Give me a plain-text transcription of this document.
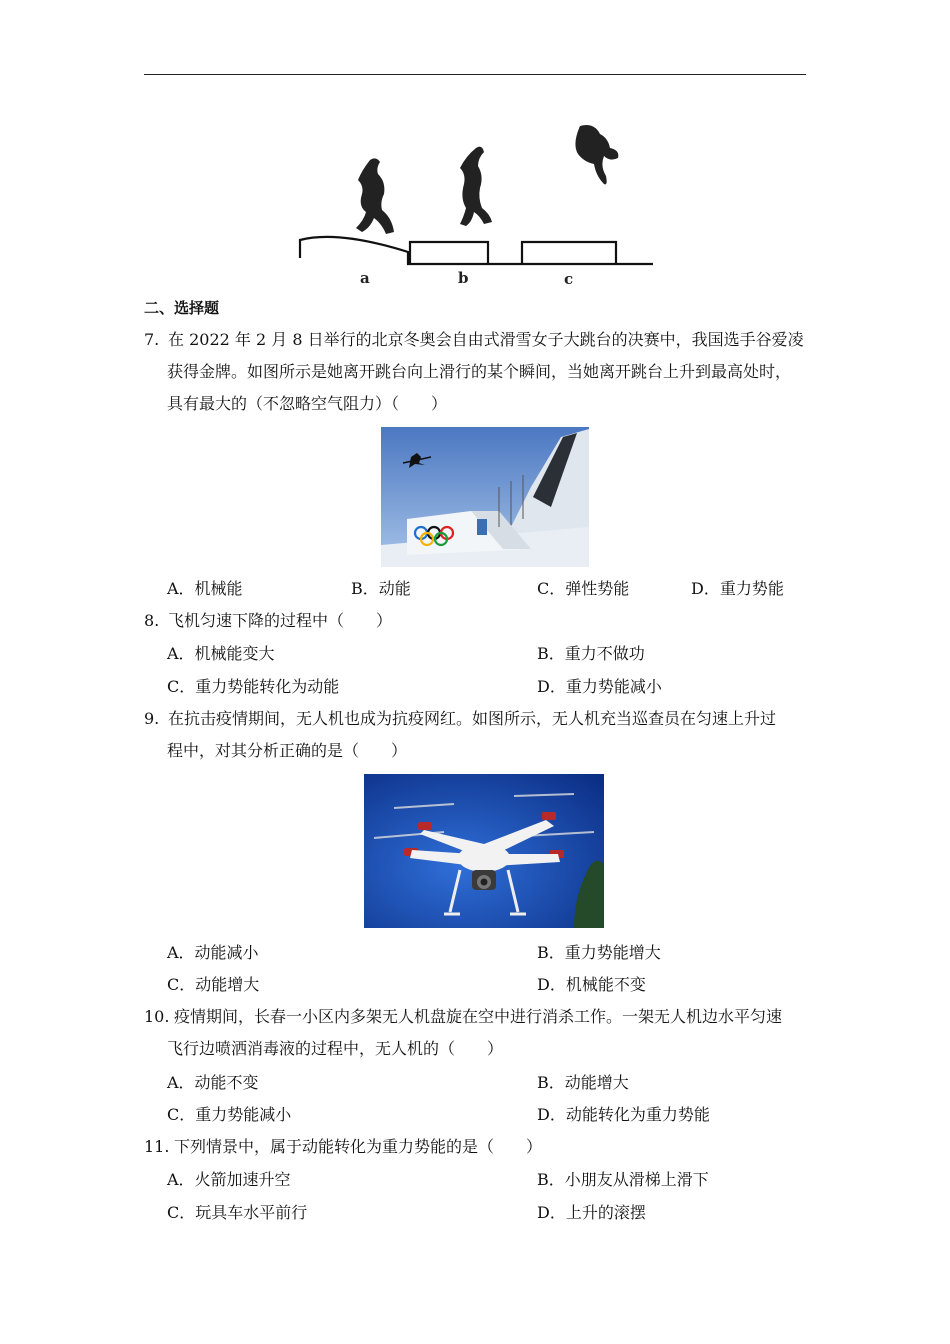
a	b	c
二、选择题
7. 在 2022 年 2 月 8 日举行的北京冬奥会自由式滑雪女子大跳台的决赛中，我国选手谷爱凌
获得金牌。如图所示是她离开跳台向上滑行的某个瞬间，当她离开跳台上升到最高处时，
具有最大的（不忽略空气阻力）（　　）
A．机械能	B．动能	C．弹性势能	D．重力势能
8. 飞机匀速下降的过程中（　　）
A．机械能变大	B．重力不做功
C．重力势能转化为动能	D．重力势能减小
9. 在抗击疫情期间，无人机也成为抗疫网红。如图所示，无人机充当巡查员在匀速上升过
程中，对其分析正确的是（　　）
A．动能减小	B．重力势能增大
C．动能增大	D．机械能不变
10. 疫情期间，长春一小区内多架无人机盘旋在空中进行消杀工作。一架无人机边水平匀速
飞行边喷洒消毒液的过程中，无人机的（　　）
A．动能不变	B．动能增大
C．重力势能减小	D．动能转化为重力势能
11. 下列情景中，属于动能转化为重力势能的是（　　）
A．火箭加速升空	B．小朋友从滑梯上滑下
C．玩具车水平前行	D．上升的滚摆
